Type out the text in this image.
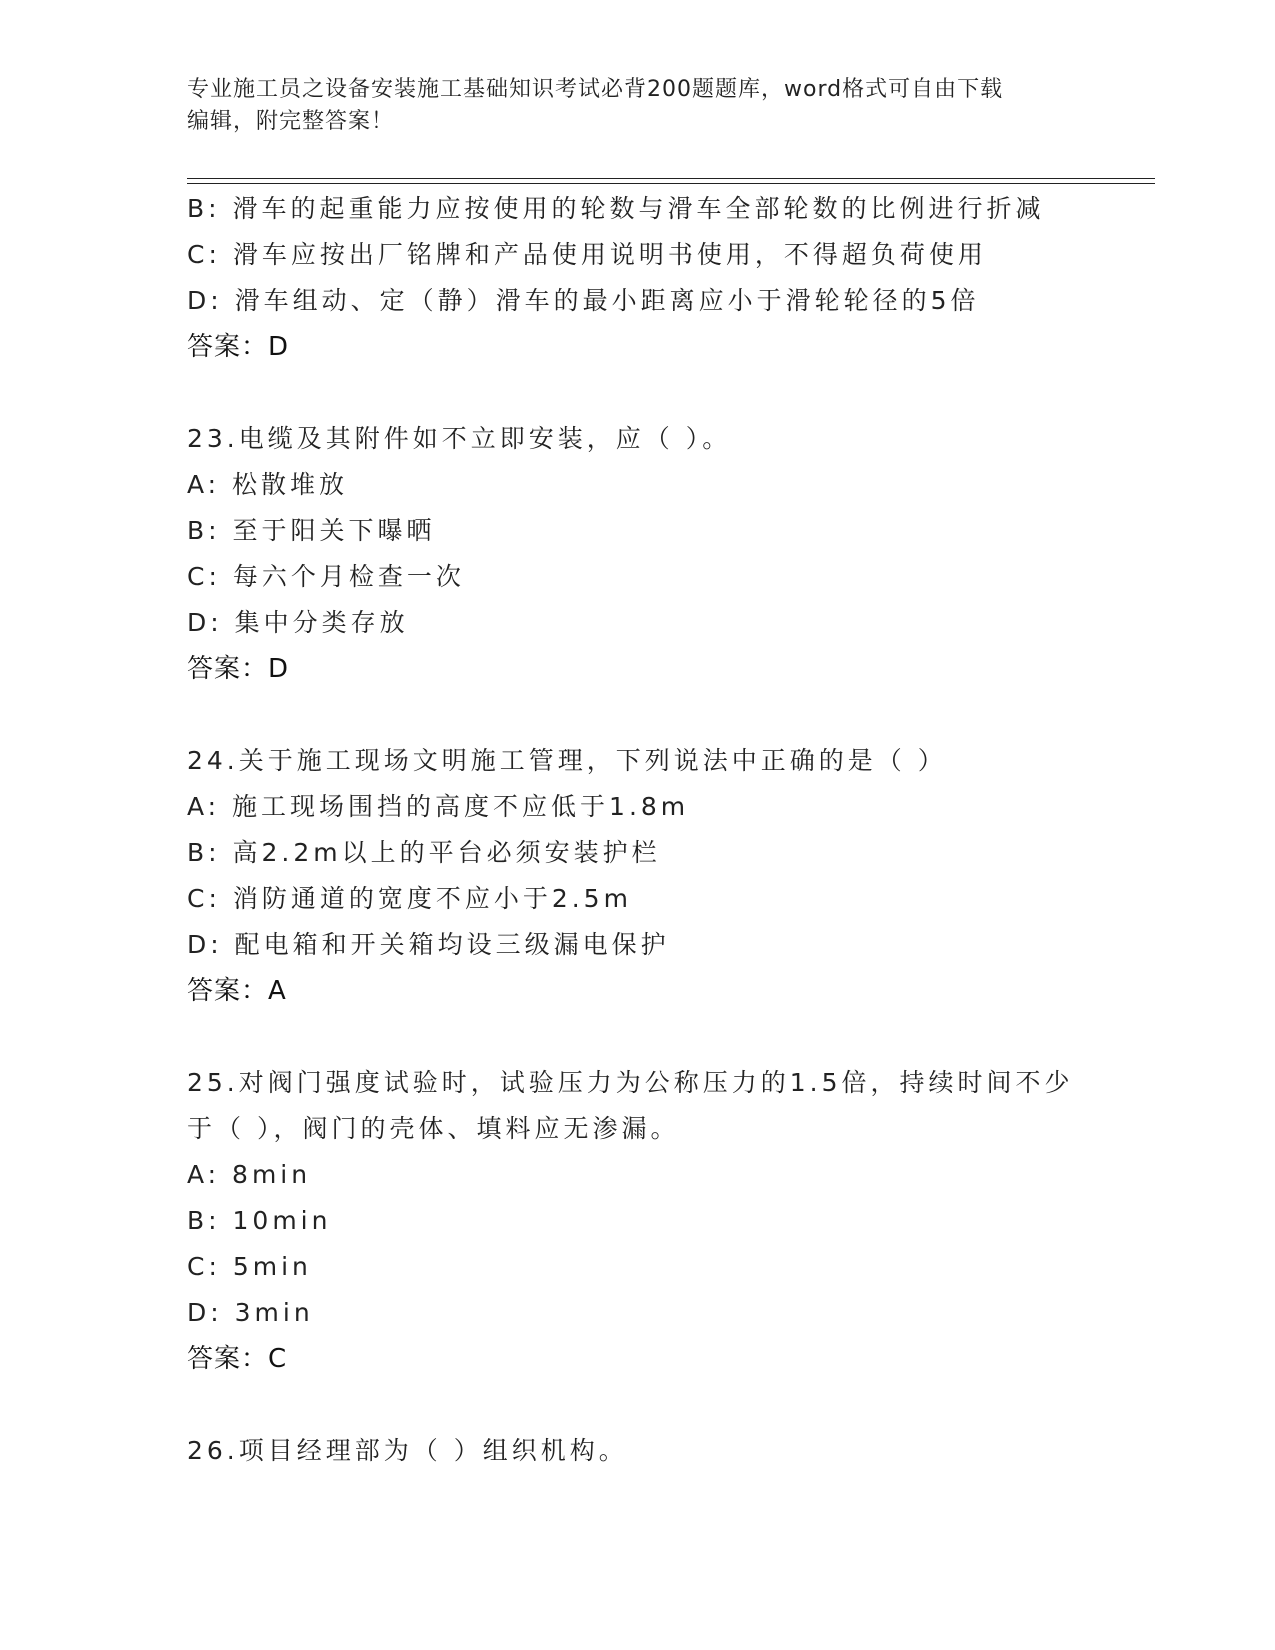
专业施工员之设备安装施工基础知识考试必背200题题库，word格式可自由下载
编辑，附完整答案！
B: 滑车的起重能力应按使用的轮数与滑车全部轮数的比例进行折减
C: 滑车应按出厂铭牌和产品使用说明书使用，不得超负荷使用
D: 滑车组动、定（静）滑车的最小距离应小于滑轮轮径的5倍
答案：D
23.电缆及其附件如不立即安装，应（ ）。
A: 松散堆放
B: 至于阳关下曝晒
C: 每六个月检查一次
D: 集中分类存放
答案：D
24.关于施工现场文明施工管理，下列说法中正确的是（ ）
A: 施工现场围挡的高度不应低于1.8m
B: 高2.2m以上的平台必须安装护栏
C: 消防通道的宽度不应小于2.5m
D: 配电箱和开关箱均设三级漏电保护
答案：A
25.对阀门强度试验时，试验压力为公称压力的1.5倍，持续时间不少
于（ ），阀门的壳体、填料应无渗漏。
A: 8min
B: 10min
C: 5min
D: 3min
答案：C
26.项目经理部为（ ）组织机构。
